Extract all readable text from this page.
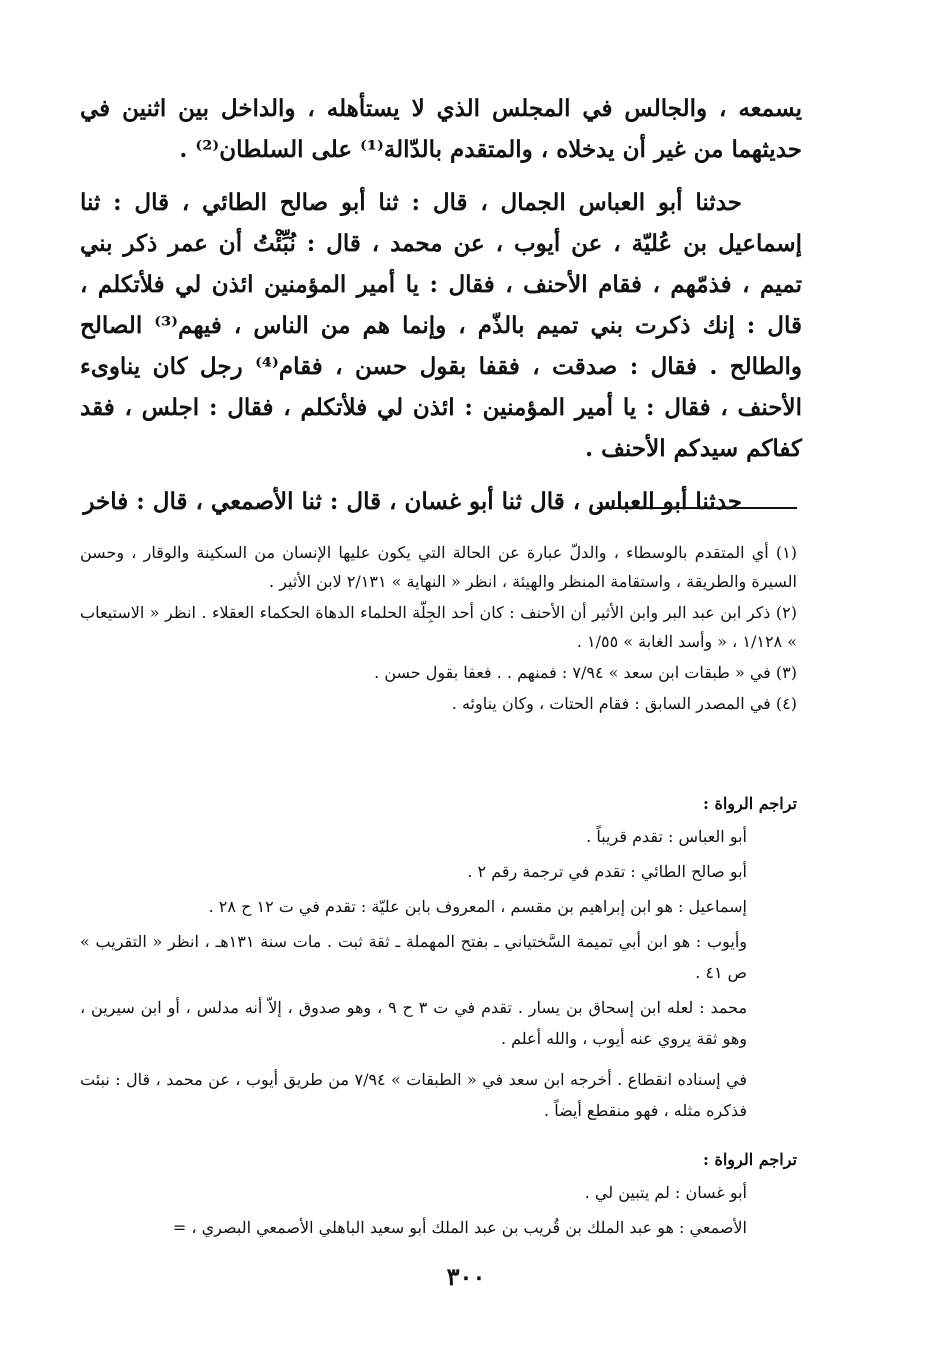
يسمعه ، والجالس في المجلس الذي لا يستأهله ، والداخل بين اثنين في حديثهما من غير أن يدخلاه ، والمتقدم بالدّالة⁽¹⁾ على السلطان⁽²⁾ .

حدثنا أبو العباس الجمال ، قال : ثنا أبو صالح الطائي ، قال : ثنا إسماعيل بن عُليّة ، عن أيوب ، عن محمد ، قال : نُبِّئْتُ أن عمر ذكر بني تميم ، فذمّهم ، فقام الأحنف ، فقال : يا أمير المؤمنين ائذن لي فلأتكلم ، قال : إنك ذكرت بني تميم بالذّم ، وإنما هم من الناس ، فيهم⁽³⁾ الصالح والطالح . فقال : صدقت ، فقفا بقول حسن ، فقام⁽⁴⁾ رجل كان يناوىء الأحنف ، فقال : يا أمير المؤمنين : ائذن لي فلأتكلم ، فقال : اجلس ، فقد كفاكم سيدكم الأحنف .

حدثنا أبو العباس ، قال ثنا أبو غسان ، قال : ثنا الأصمعي ، قال : فاخر

(١) أي المتقدم بالوسطاء ، والدلّ عبارة عن الحالة التي يكون عليها الإنسان من السكينة والوقار ، وحسن السيرة والطريقة ، واستقامة المنظر والهيئة ، انظر « النهاية » ٢/١٣١ لابن الأثير .

(٢) ذكر ابن عبد البر وابن الأثير أن الأحنف : كان أحد الجِلّة الحلماء الدهاة الحكماء العقلاء . انظر « الاستيعاب » ١/١٢٨ ، « وأسد الغابة » ١/٥٥ .

(٣) في « طبقات ابن سعد » ٧/٩٤ : فمنهم . . فعفا بقول حسن .

(٤) في المصدر السابق : فقام الحتات ، وكان يناوئه .

تراجم الرواة :

أبو العباس : تقدم قريباً .

أبو صالح الطائي : تقدم في ترجمة رقم ٢ .

إسماعيل : هو ابن إبراهيم بن مقسم ، المعروف بابن عليّة : تقدم في ت ١٢ ح ٢٨ .

وأيوب : هو ابن أبي تميمة السَّختياني ـ بفتح المهملة ـ ثقة ثبت . مات سنة ١٣١هـ ، انظر « التقريب » ص ٤١ .

محمد : لعله ابن إسحاق بن يسار . تقدم في ت ٣ ح ٩ ، وهو صدوق ، إلاّ أنه مدلس ، أو ابن سيرين ، وهو ثقة يروي عنه أيوب ، والله أعلم .

في إسناده انقطاع . أخرجه ابن سعد في « الطبقات » ٧/٩٤ من طريق أيوب ، عن محمد ، قال : نبئت فذكره مثله ، فهو منقطع أيضاً .

تراجم الرواة :

أبو غسان : لم يتبين لي .

الأصمعي : هو عبد الملك بن قُريب بن عبد الملك أبو سعيد الباهلي الأصمعي البصري ، =

٣٠٠
